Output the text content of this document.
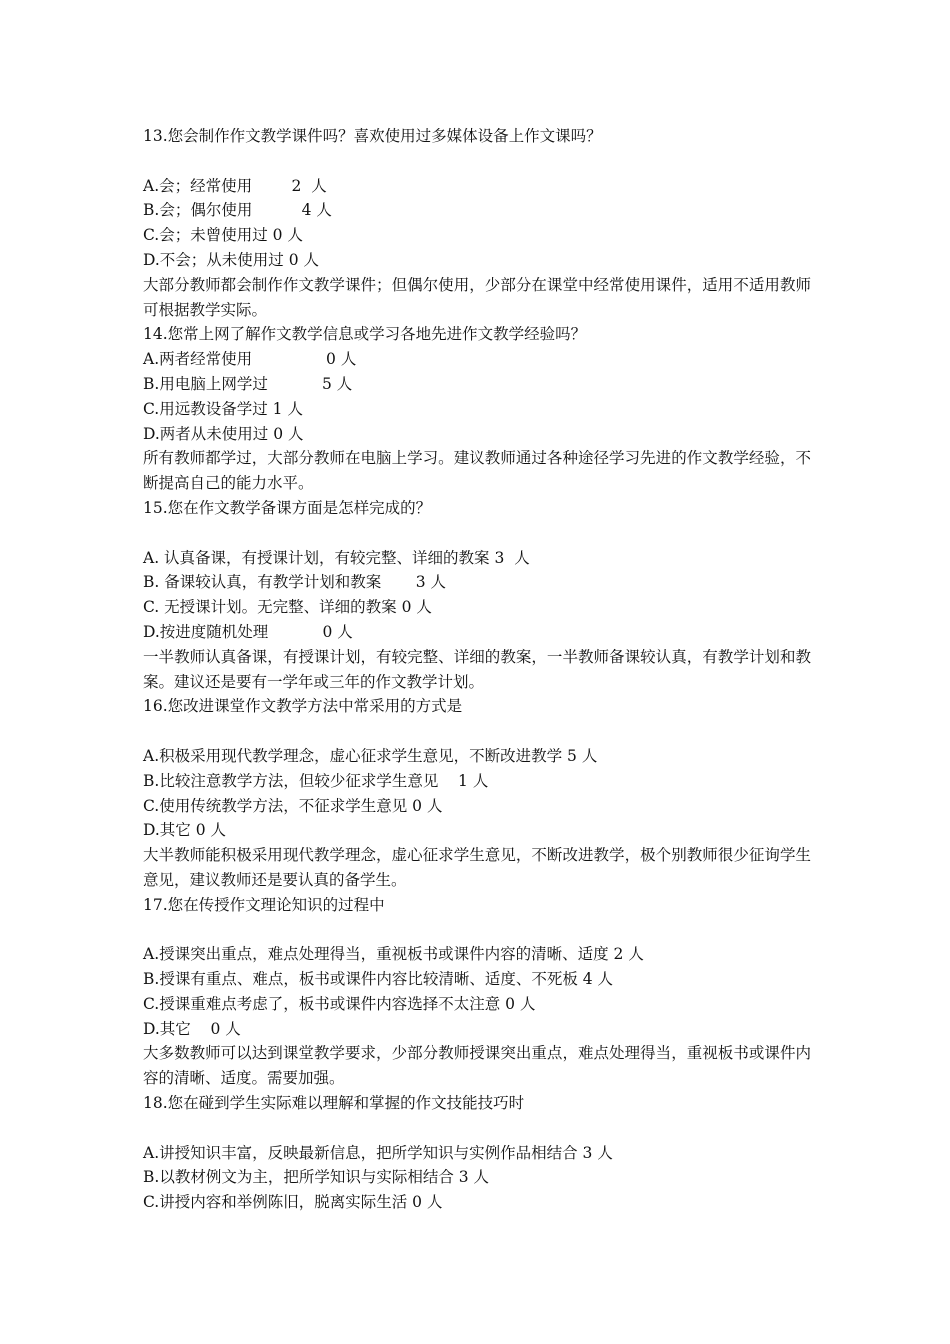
13.您会制作作文教学课件吗？喜欢使用过多媒体设备上作文课吗？
A.会；经常使用        2  人
B.会；偶尔使用          4 人
C.会；未曾使用过 0 人
D.不会；从未使用过 0 人
大部分教师都会制作作文教学课件；但偶尔使用，少部分在课堂中经常使用课件，适用不适用教师可根据教学实际。
14.您常上网了解作文教学信息或学习各地先进作文教学经验吗？
A.两者经常使用               0 人
B.用电脑上网学过           5 人
C.用远教设备学过 1 人
D.两者从未使用过 0 人
所有教师都学过，大部分教师在电脑上学习。建议教师通过各种途径学习先进的作文教学经验，不断提高自己的能力水平。
15.您在作文教学备课方面是怎样完成的？
A. 认真备课，有授课计划，有较完整、详细的教案 3  人
B. 备课较认真，有教学计划和教案       3 人
C. 无授课计划。无完整、详细的教案 0 人
D.按进度随机处理           0 人
一半教师认真备课，有授课计划，有较完整、详细的教案，一半教师备课较认真，有教学计划和教案。建议还是要有一学年或三年的作文教学计划。
16.您改进课堂作文教学方法中常采用的方式是
A.积极采用现代教学理念，虚心征求学生意见，不断改进教学 5 人
B.比较注意教学方法，但较少征求学生意见    1 人
C.使用传统教学方法，不征求学生意见 0 人
D.其它 0 人
大半教师能积极采用现代教学理念，虚心征求学生意见，不断改进教学，极个别教师很少征询学生意见，建议教师还是要认真的备学生。
17.您在传授作文理论知识的过程中
A.授课突出重点，难点处理得当，重视板书或课件内容的清晰、适度 2 人
B.授课有重点、难点，板书或课件内容比较清晰、适度、不死板 4 人
C.授课重难点考虑了，板书或课件内容选择不太注意 0 人
D.其它    0 人
大多数教师可以达到课堂教学要求，少部分教师授课突出重点，难点处理得当，重视板书或课件内容的清晰、适度。需要加强。
18.您在碰到学生实际难以理解和掌握的作文技能技巧时
A.讲授知识丰富，反映最新信息，把所学知识与实例作品相结合 3 人
B.以教材例文为主，把所学知识与实际相结合 3 人
C.讲授内容和举例陈旧，脱离实际生活 0 人
